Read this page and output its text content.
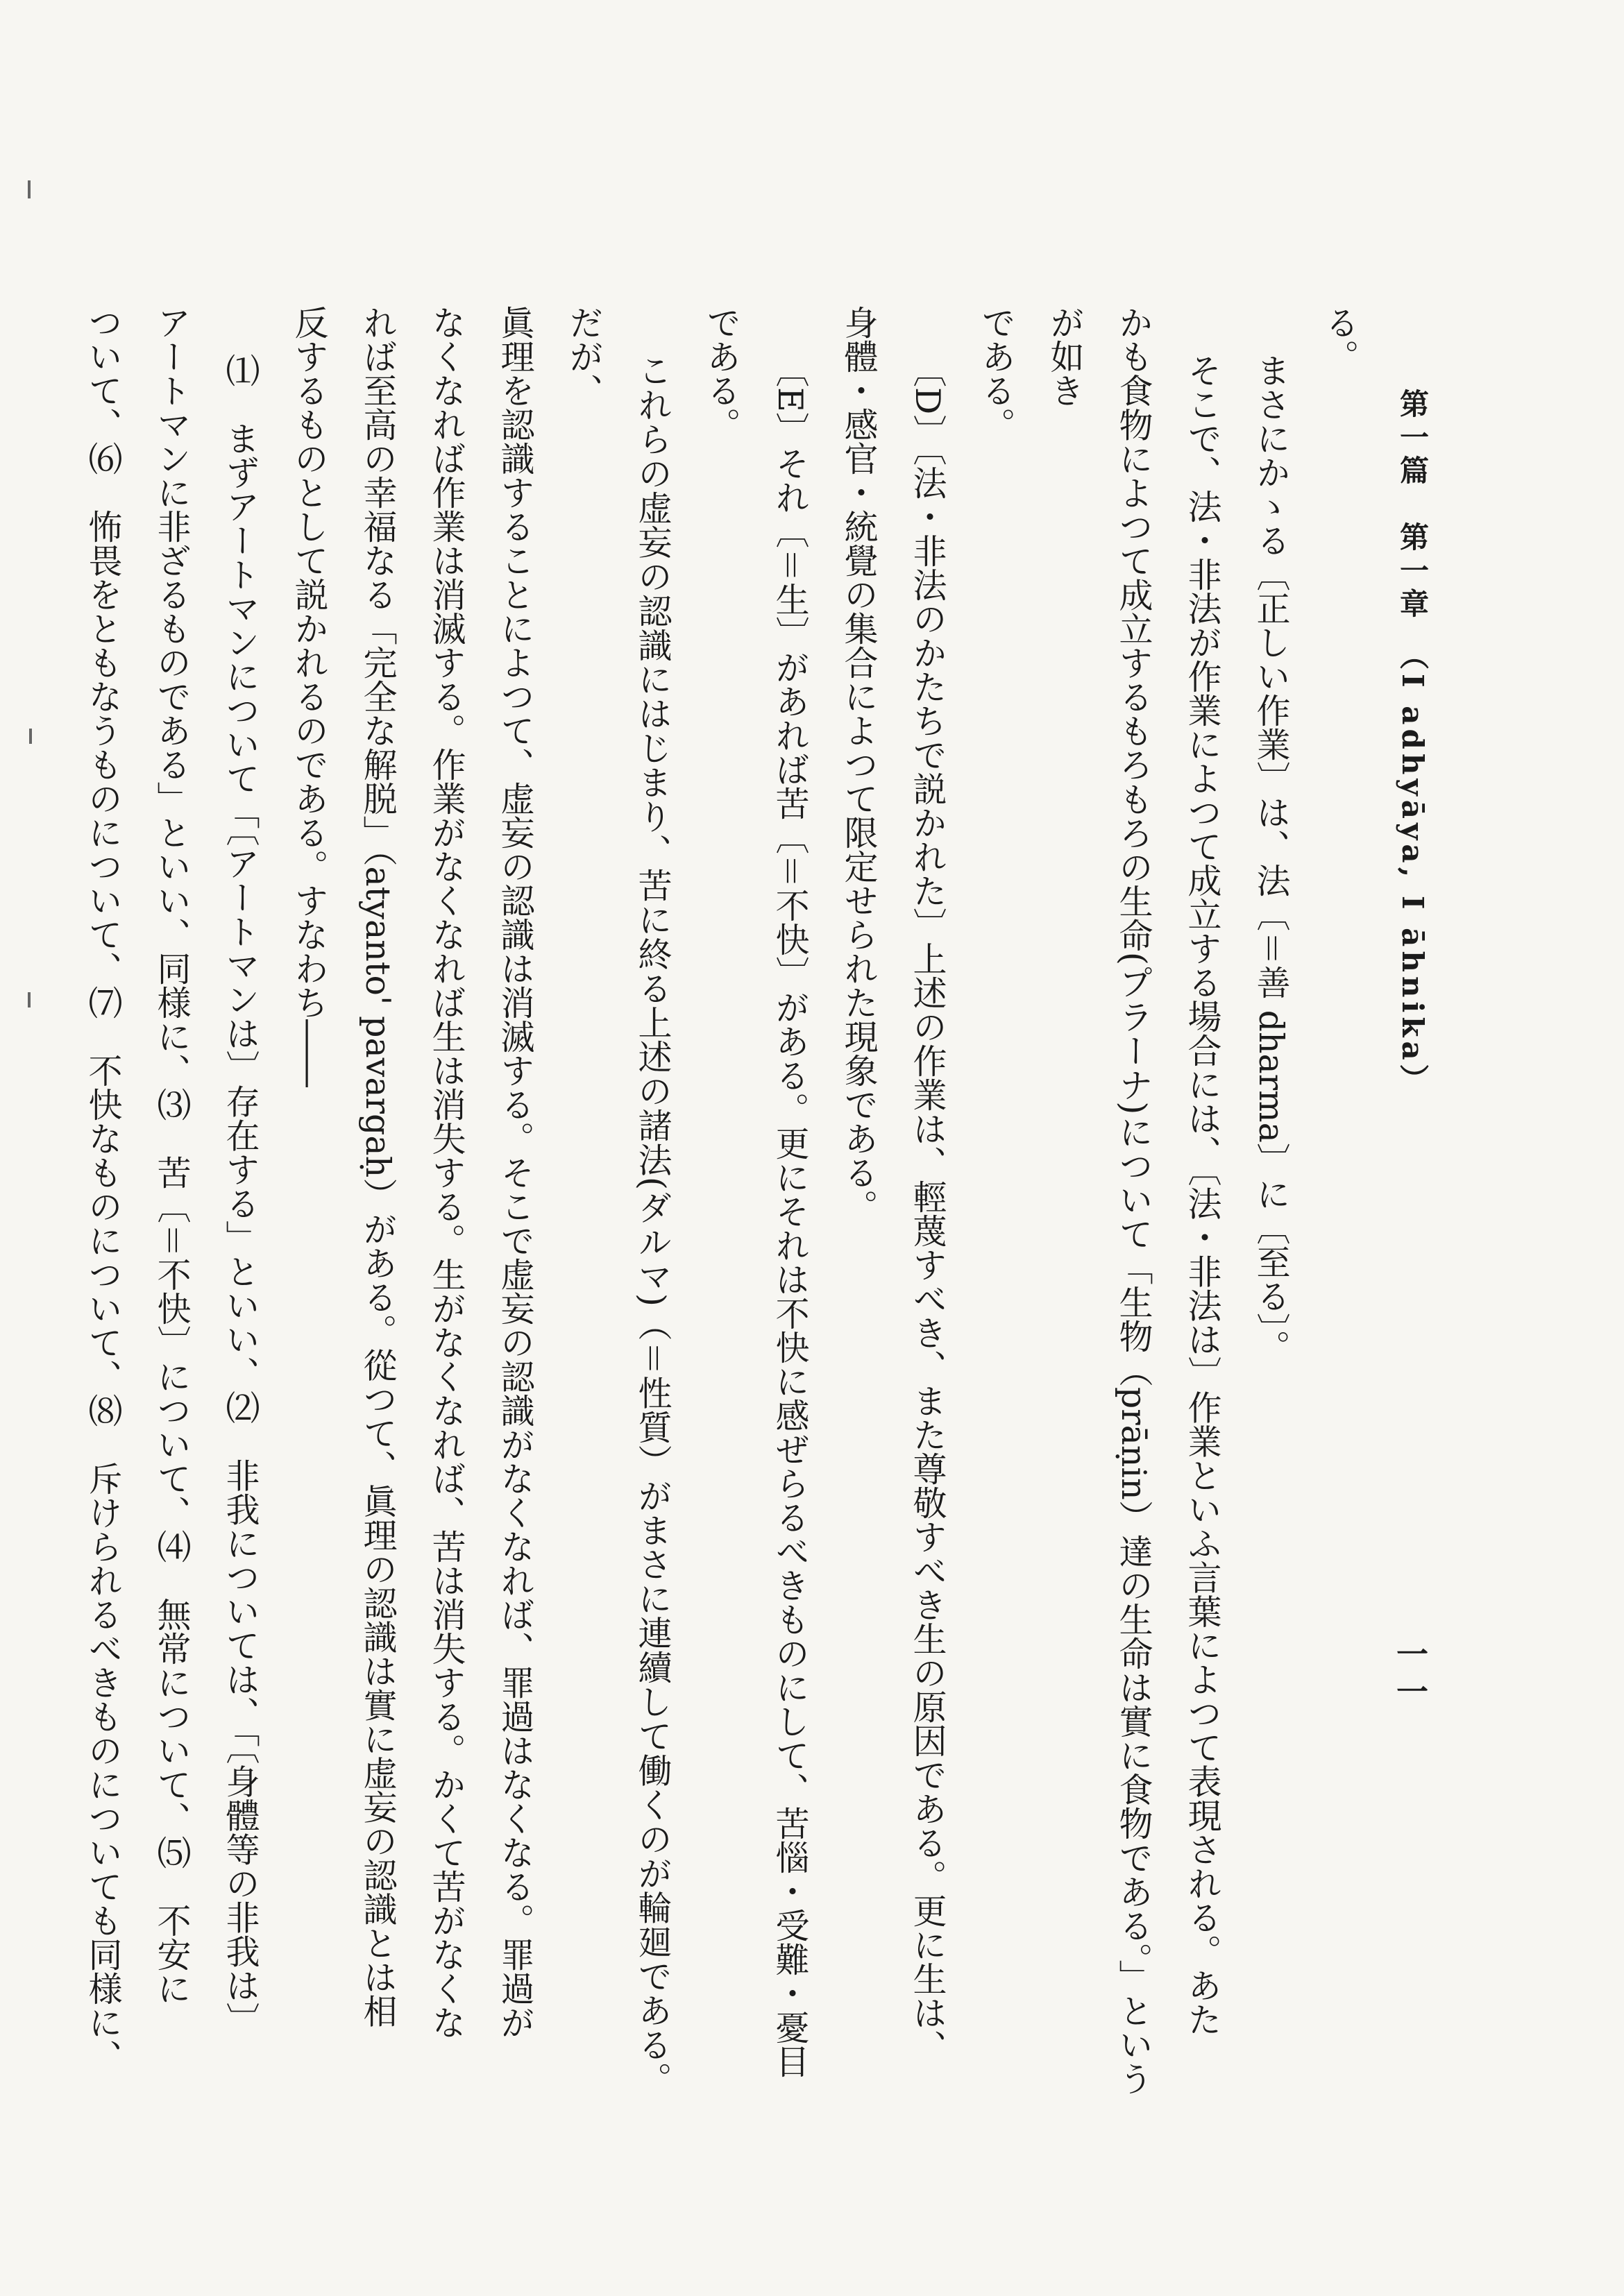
第一篇　第一章　（I adhyāya, I āhnika）
一一

る。

まさにかゝる〔正しい作業〕は、法〔＝善 dharma〕に〔至る〕。

そこで、法・非法が作業によつて成立する場合には、〔法・非法は〕作業といふ言葉によつて表現される。あた

かも食物によつて成立するもろもろの生命(プラーナ)について「生物（prāṇin）達の生命は實に食物である。」というが如き

である。

〔D〕〔法・非法のかたちで説かれた〕上述の作業は、輕蔑すべき、また尊敬すべき生の原因である。更に生は、

身體・感官・統覺の集合によつて限定せられた現象である。

〔E〕それ〔＝生〕があれば苦〔＝不快〕がある。更にそれは不快に感ぜらるべきものにして、苦惱・受難・憂目

である。

これらの虚妄の認識にはじまり、苦に終る上述の諸法(ダルマ)（＝性質）がまさに連續して働くのが輪廻である。だが、

眞理を認識することによつて、虚妄の認識は消滅する。そこで虚妄の認識がなくなれば、罪過はなくなる。罪過が

なくなれば作業は消滅する。作業がなくなれば生は消失する。生がなくなれば、苦は消失する。かくて苦がなくな

れば至高の幸福なる「完全な解脱」（atyanto' pavargaḥ）がある。從つて、眞理の認識は實に虚妄の認識とは相

反するものとして説かれるのである。すなわち――

⑴　まずアートマンについて「〔アートマンは〕存在する」といい、⑵　非我については、「〔身體等の非我は〕

アートマンに非ざるものである」といい、同様に、⑶　苦〔＝不快〕について、⑷　無常について、⑸　不安に

ついて、⑹　怖畏をともなうものについて、⑺　不快なものについて、⑻　斥けられるべきものについても同様に、
